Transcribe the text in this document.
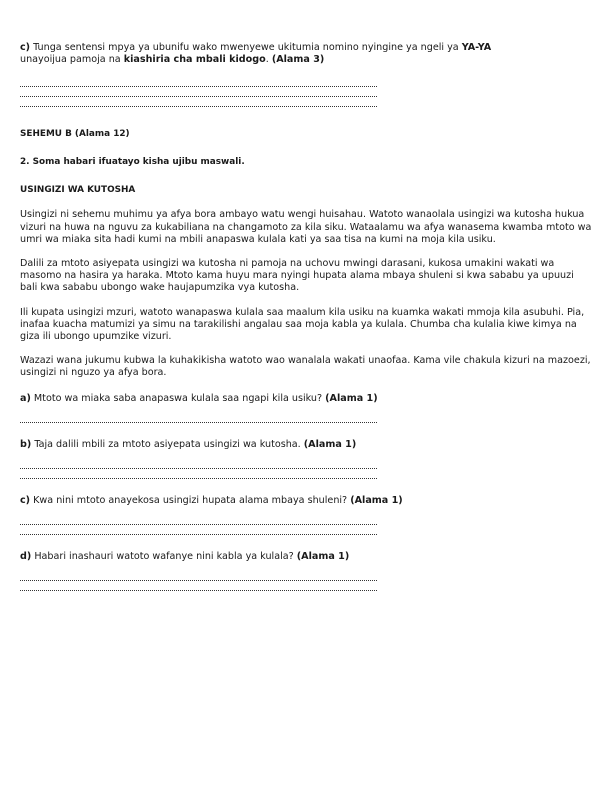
c) Tunga sentensi mpya ya ubunifu wako mwenyewe ukitumia nomino nyingine ya ngeli ya YA-YA
unayoijua pamoja na kiashiria cha mbali kidogo. (Alama 3)

SEHEMU B (Alama 12)

2. Soma habari ifuatayo kisha ujibu maswali.

USINGIZI WA KUTOSHA

Usingizi ni sehemu muhimu ya afya bora ambayo watu wengi huisahau. Watoto wanaolala usingizi wa kutosha hukua vizuri na huwa na nguvu za kukabiliana na changamoto za kila siku. Wataalamu wa afya wanasema kwamba mtoto wa umri wa miaka sita hadi kumi na mbili anapaswa kulala kati ya saa tisa na kumi na moja kila usiku.

Dalili za mtoto asiyepata usingizi wa kutosha ni pamoja na uchovu mwingi darasani, kukosa umakini wakati wa masomo na hasira ya haraka. Mtoto kama huyu mara nyingi hupata alama mbaya shuleni si kwa sababu ya upuuzi bali kwa sababu ubongo wake haujapumzika vya kutosha.

Ili kupata usingizi mzuri, watoto wanapaswa kulala saa maalum kila usiku na kuamka wakati mmoja kila asubuhi. Pia, inafaa kuacha matumizi ya simu na tarakilishi angalau saa moja kabla ya kulala. Chumba cha kulalia kiwe kimya na giza ili ubongo upumzike vizuri.

Wazazi wana jukumu kubwa la kuhakikisha watoto wao wanalala wakati unaofaa. Kama vile chakula kizuri na mazoezi, usingizi ni nguzo ya afya bora.

a) Mtoto wa miaka saba anapaswa kulala saa ngapi kila usiku? (Alama 1)

b) Taja dalili mbili za mtoto asiyepata usingizi wa kutosha. (Alama 1)

c) Kwa nini mtoto anayekosa usingizi hupata alama mbaya shuleni? (Alama 1)

d) Habari inashauri watoto wafanye nini kabla ya kulala? (Alama 1)
